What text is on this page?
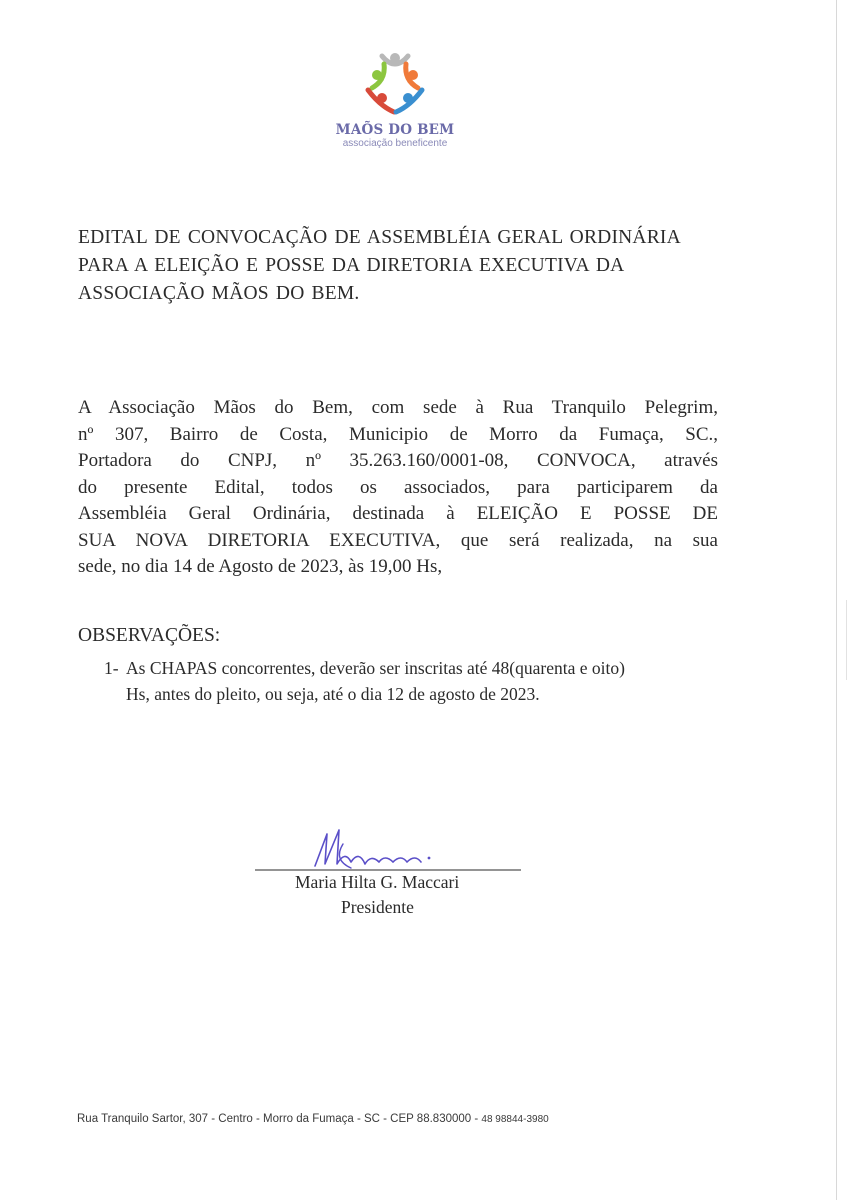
MAÕS DO BEM
associação beneficente
EDITAL DE CONVOCAÇÃO DE ASSEMBLÉIA GERAL ORDINÁRIA
PARA A ELEIÇÃO E POSSE DA DIRETORIA EXECUTIVA DA
ASSOCIAÇÃO MÃOS DO BEM.
A Associação Mãos do Bem, com sede à Rua Tranquilo Pelegrim,
nº 307, Bairro de Costa, Municipio de Morro da Fumaça, SC.,
Portadora do CNPJ, nº 35.263.160/0001-08, CONVOCA, através
do presente Edital, todos os associados, para participarem da
Assembléia Geral Ordinária, destinada à ELEIÇÃO E POSSE DE
SUA NOVA DIRETORIA EXECUTIVA, que será realizada, na sua
sede, no dia 14 de Agosto de 2023, às 19,00 Hs,
OBSERVAÇÕES:
1- As CHAPAS concorrentes, deverão ser inscritas até 48(quarenta e oito)
Hs, antes do pleito, ou seja, até o dia 12 de agosto de 2023.
Maria Hilta G. Maccari
Presidente
Rua Tranquilo Sartor, 307 - Centro - Morro da Fumaça - SC - CEP 88.830000 - 48 98844-3980
